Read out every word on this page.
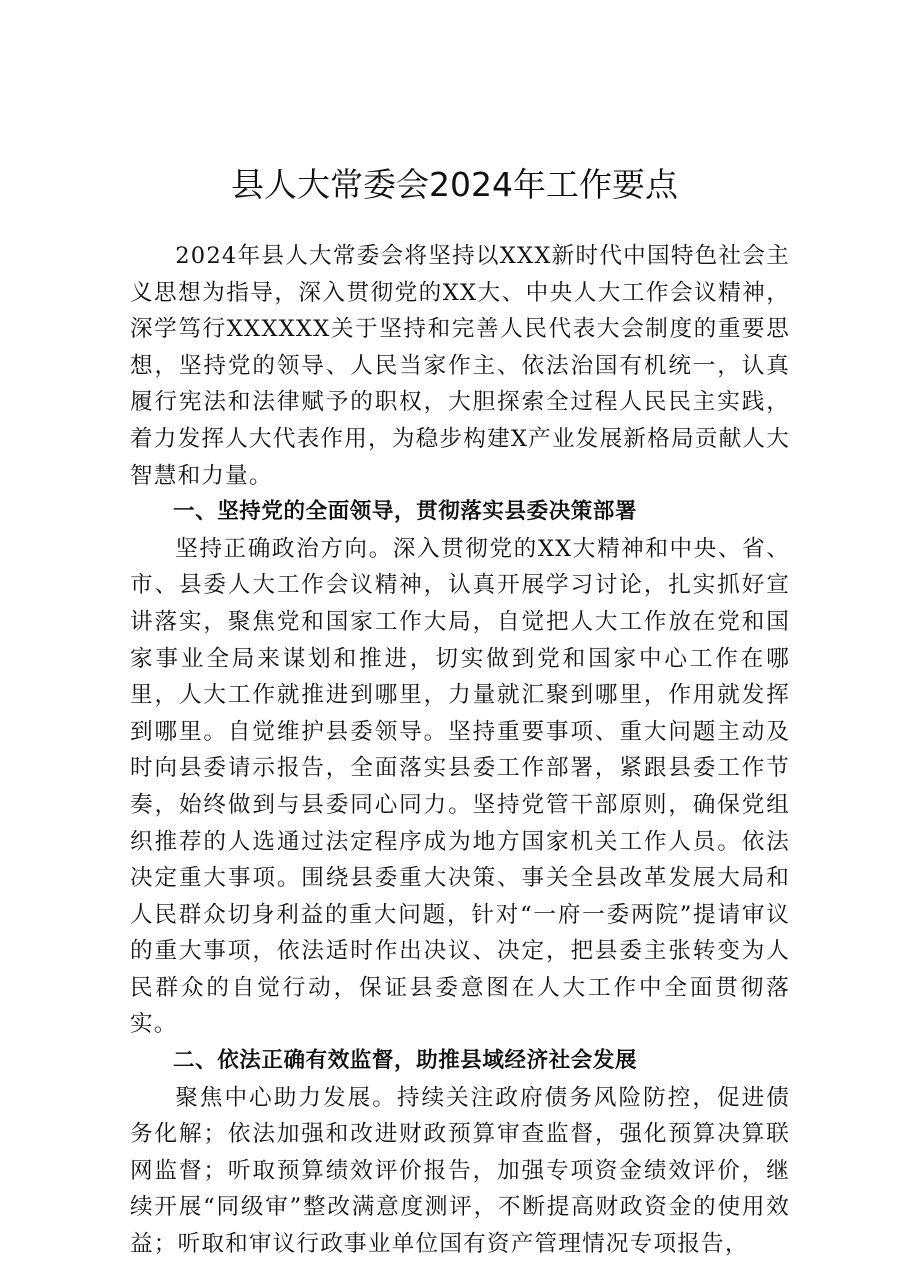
县人大常委会2024年工作要点

2024年县人大常委会将坚持以XXX新时代中国特色社会主义思想为指导，深入贯彻党的XX大、中央人大工作会议精神，深学笃行XXXXXX关于坚持和完善人民代表大会制度的重要思想，坚持党的领导、人民当家作主、依法治国有机统一，认真履行宪法和法律赋予的职权，大胆探索全过程人民民主实践，着力发挥人大代表作用，为稳步构建X产业发展新格局贡献人大智慧和力量。

一、坚持党的全面领导，贯彻落实县委决策部署

坚持正确政治方向。深入贯彻党的XX大精神和中央、省、市、县委人大工作会议精神，认真开展学习讨论，扎实抓好宣讲落实，聚焦党和国家工作大局，自觉把人大工作放在党和国家事业全局来谋划和推进，切实做到党和国家中心工作在哪里，人大工作就推进到哪里，力量就汇聚到哪里，作用就发挥到哪里。自觉维护县委领导。坚持重要事项、重大问题主动及时向县委请示报告，全面落实县委工作部署，紧跟县委工作节奏，始终做到与县委同心同力。坚持党管干部原则，确保党组织推荐的人选通过法定程序成为地方国家机关工作人员。依法决定重大事项。围绕县委重大决策、事关全县改革发展大局和人民群众切身利益的重大问题，针对“一府一委两院”提请审议的重大事项，依法适时作出决议、决定，把县委主张转变为人民群众的自觉行动，保证县委意图在人大工作中全面贯彻落实。

二、依法正确有效监督，助推县域经济社会发展

聚焦中心助力发展。持续关注政府债务风险防控，促进债务化解；依法加强和改进财政预算审查监督，强化预算决算联网监督；听取预算绩效评价报告，加强专项资金绩效评价，继续开展“同级审”整改满意度测评，不断提高财政资金的使用效益；听取和审议行政事业单位国有资产管理情况专项报告，
